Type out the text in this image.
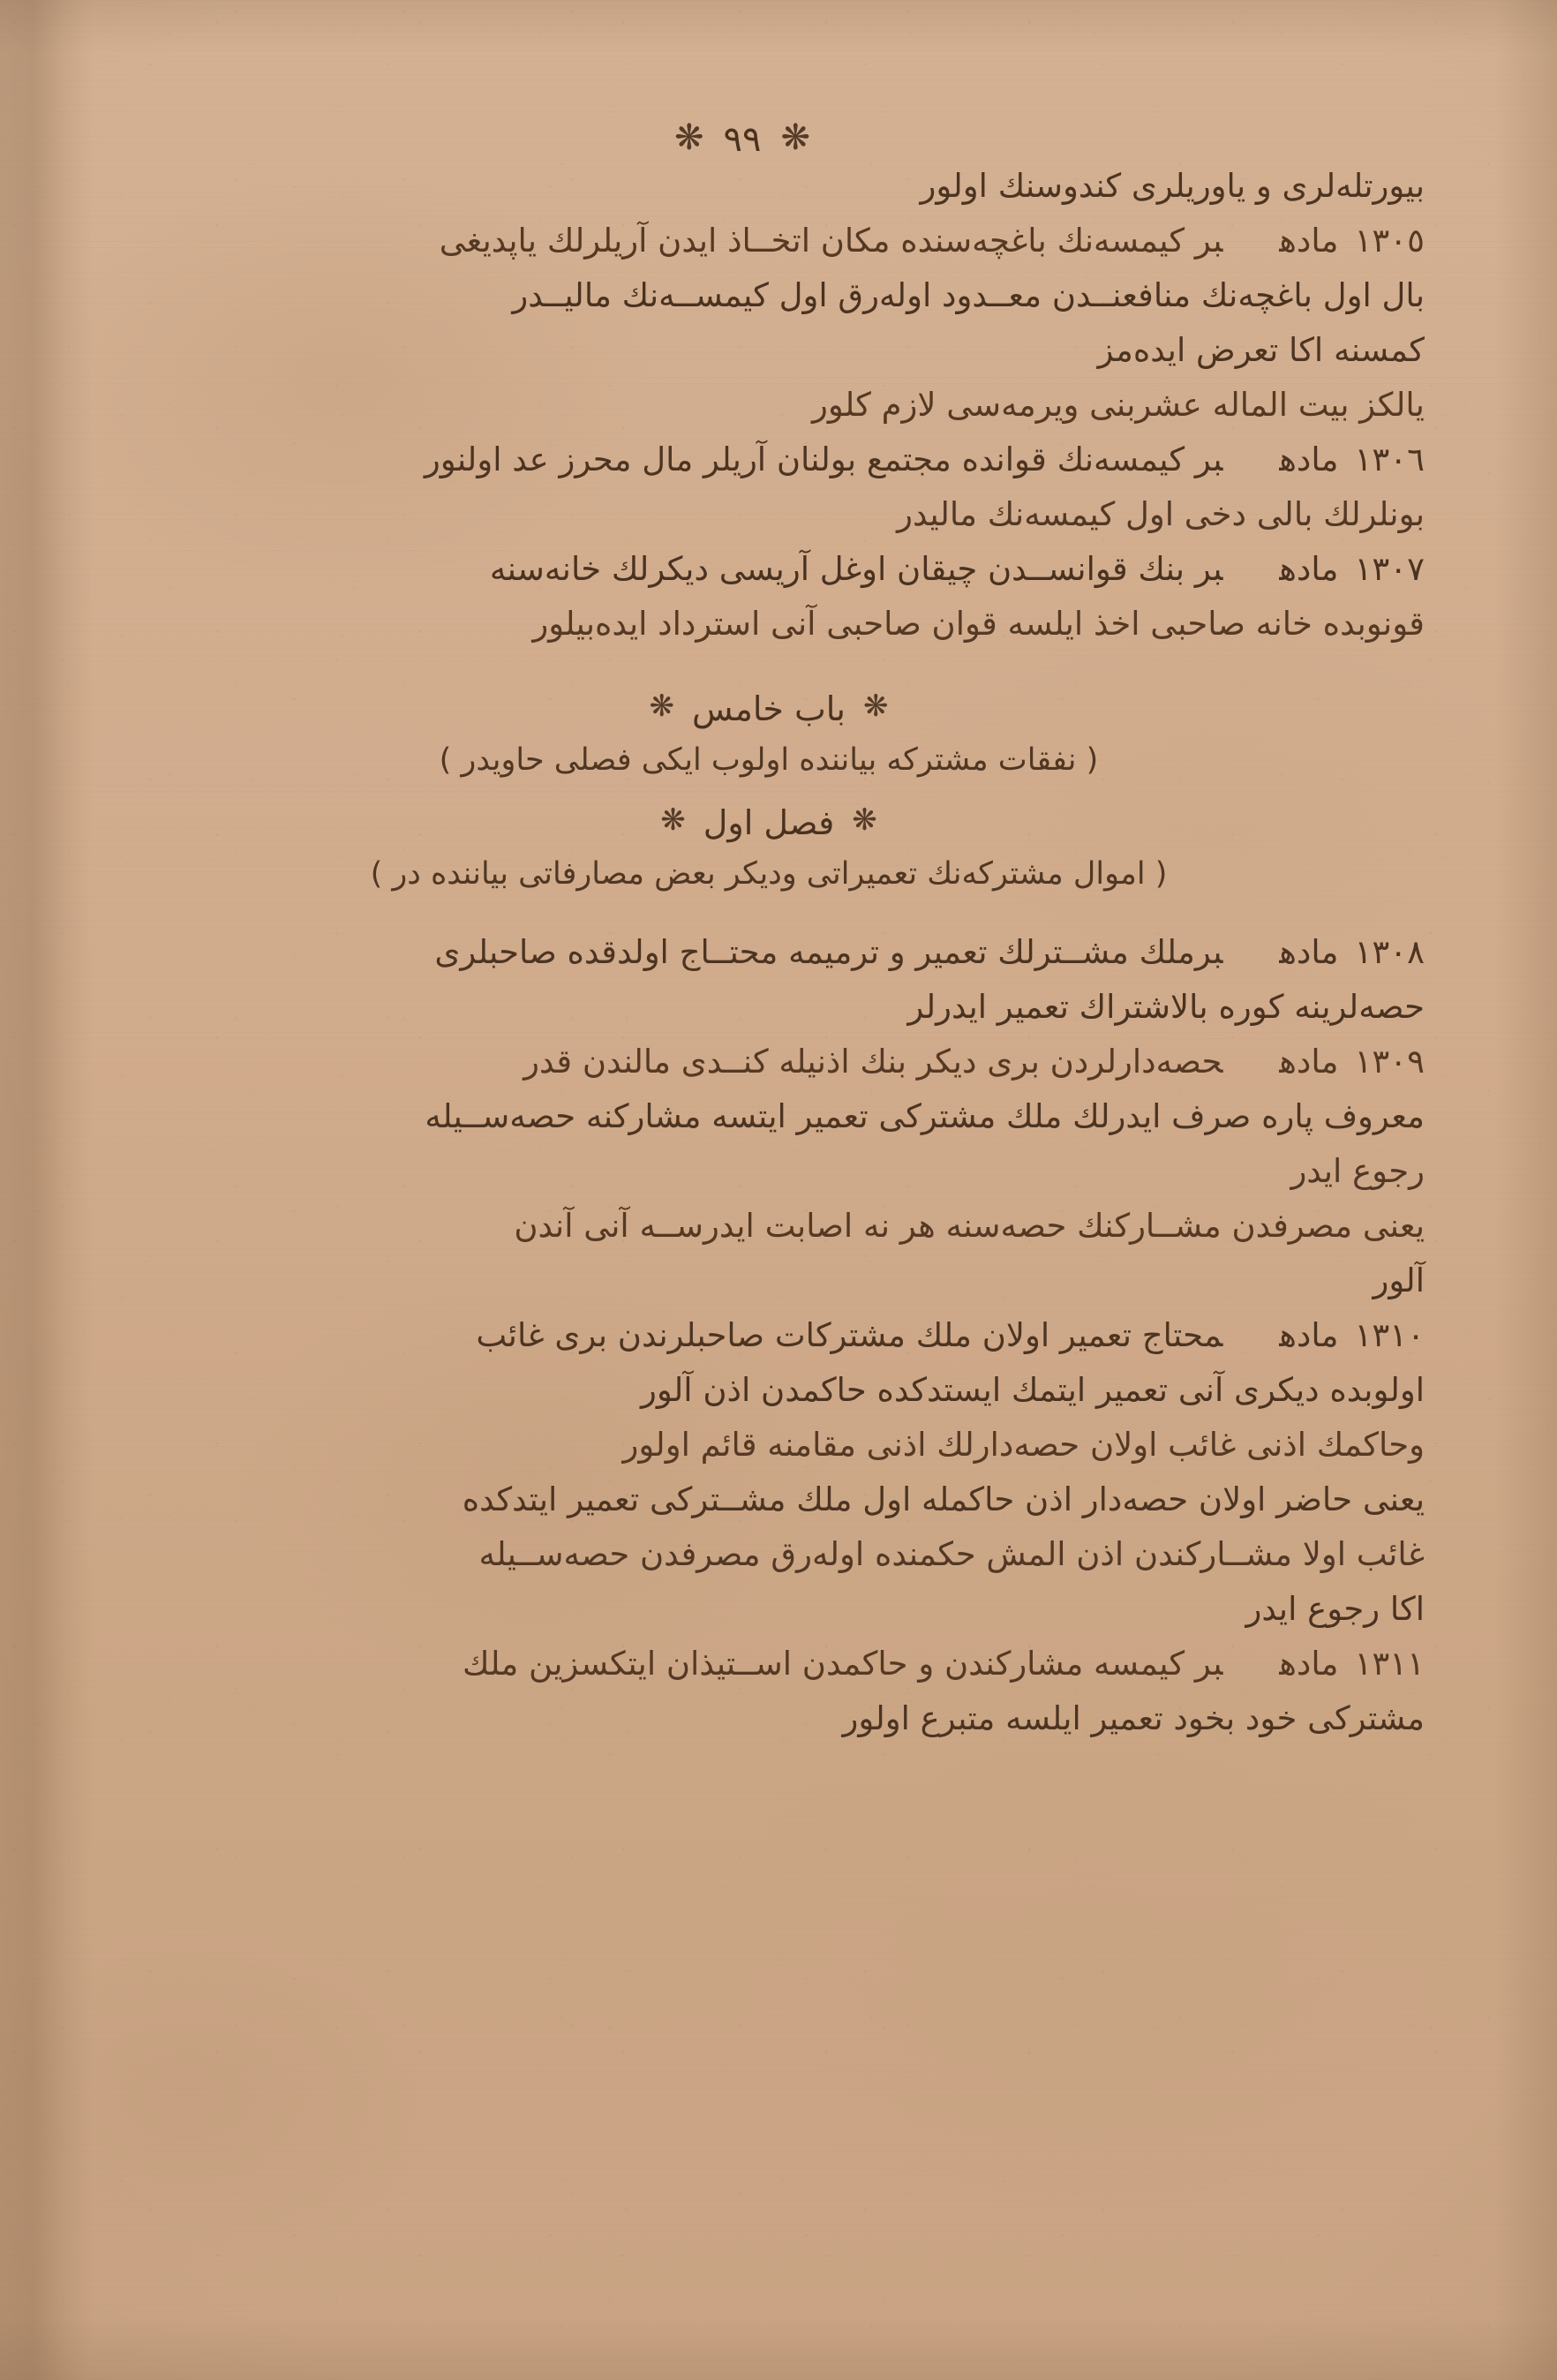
❋٩٩❋
بیورتلەلری و یاوریلری کندوسنك اولور
١٣٠٥مادهبر کیمسه‌نك باغچه‌سنده مکان اتخــاذ ایدن آریلرلك یاپدیغی
بال اول باغچه‌نك منافعنــدن معــدود اولەرق اول کیمســه‌نك مالیــدر
کمسنه اكا تعرض ایدەمز
یالکز بیت الماله عشربنی ویرمه‌سی لازم كلور
١٣٠٦مادهبر کیمسه‌نك قوانده مجتمع بولنان آریلر مال محرز عد اولنور
بونلرلك بالی دخی اول کیمسه‌نك مالیدر
١٣٠٧مادهبر بنك قوانســدن چیقان اوغل آریسی دیكرلك خانه‌سنه
قونوبده خانه صاحبی اخذ ایلسه قوان صاحبی آنی استرداد ایده‌بیلور
❋باب خامس❋
( نفقات مشتركه بیاننده اولوب ایكی فصلی حاویدر )
❋فصل اول❋
( اموال مشتركه‌نك تعمیراتی ودیكر بعض مصارفاتی بیاننده در )
١٣٠٨مادهبرملك مشــترلك تعمیر و ترمیمه محتــاج اولدقده صاحبلری
حصه‌لرینه كوره بالاشتراك تعمیر ایدرلر
١٣٠٩مادهحصه‌دارلردن بری دیكر بنك اذنیله کنــدی مالندن قدر
معروف پاره صرف ایدرلك ملك مشتركی تعمیر ایتسه مشاركنه حصه‌ســیله
رجوع ایدر
یعنی مصرفدن مشــاركنك حصه‌سنه هر نه اصابت ایدرســه آنی آندن
آلور
١٣١٠مادهمحتاج تعمیر اولان ملك مشتركات صاحبلرندن بری غائب
اولوبده دیكری آنی تعمیر ایتمك ایستدكده حاكمدن اذن آلور
وحاكمك اذنی غائب اولان حصه‌دارلك اذنی مقامنه قائم اولور
یعنی حاضر اولان حصه‌دار اذن حاكمله اول ملك مشــتركی تعمیر ایتدكده
غائب اولا مشــاركندن اذن المش حكمنده اولەرق مصرفدن حصه‌ســیله
اكا رجوع ایدر
١٣١١مادهبر کیمسه مشاركندن و حاكمدن اســتیذان ایتكسزین ملك
مشتركی خود بخود تعمیر ایلسه متبرع اولور
